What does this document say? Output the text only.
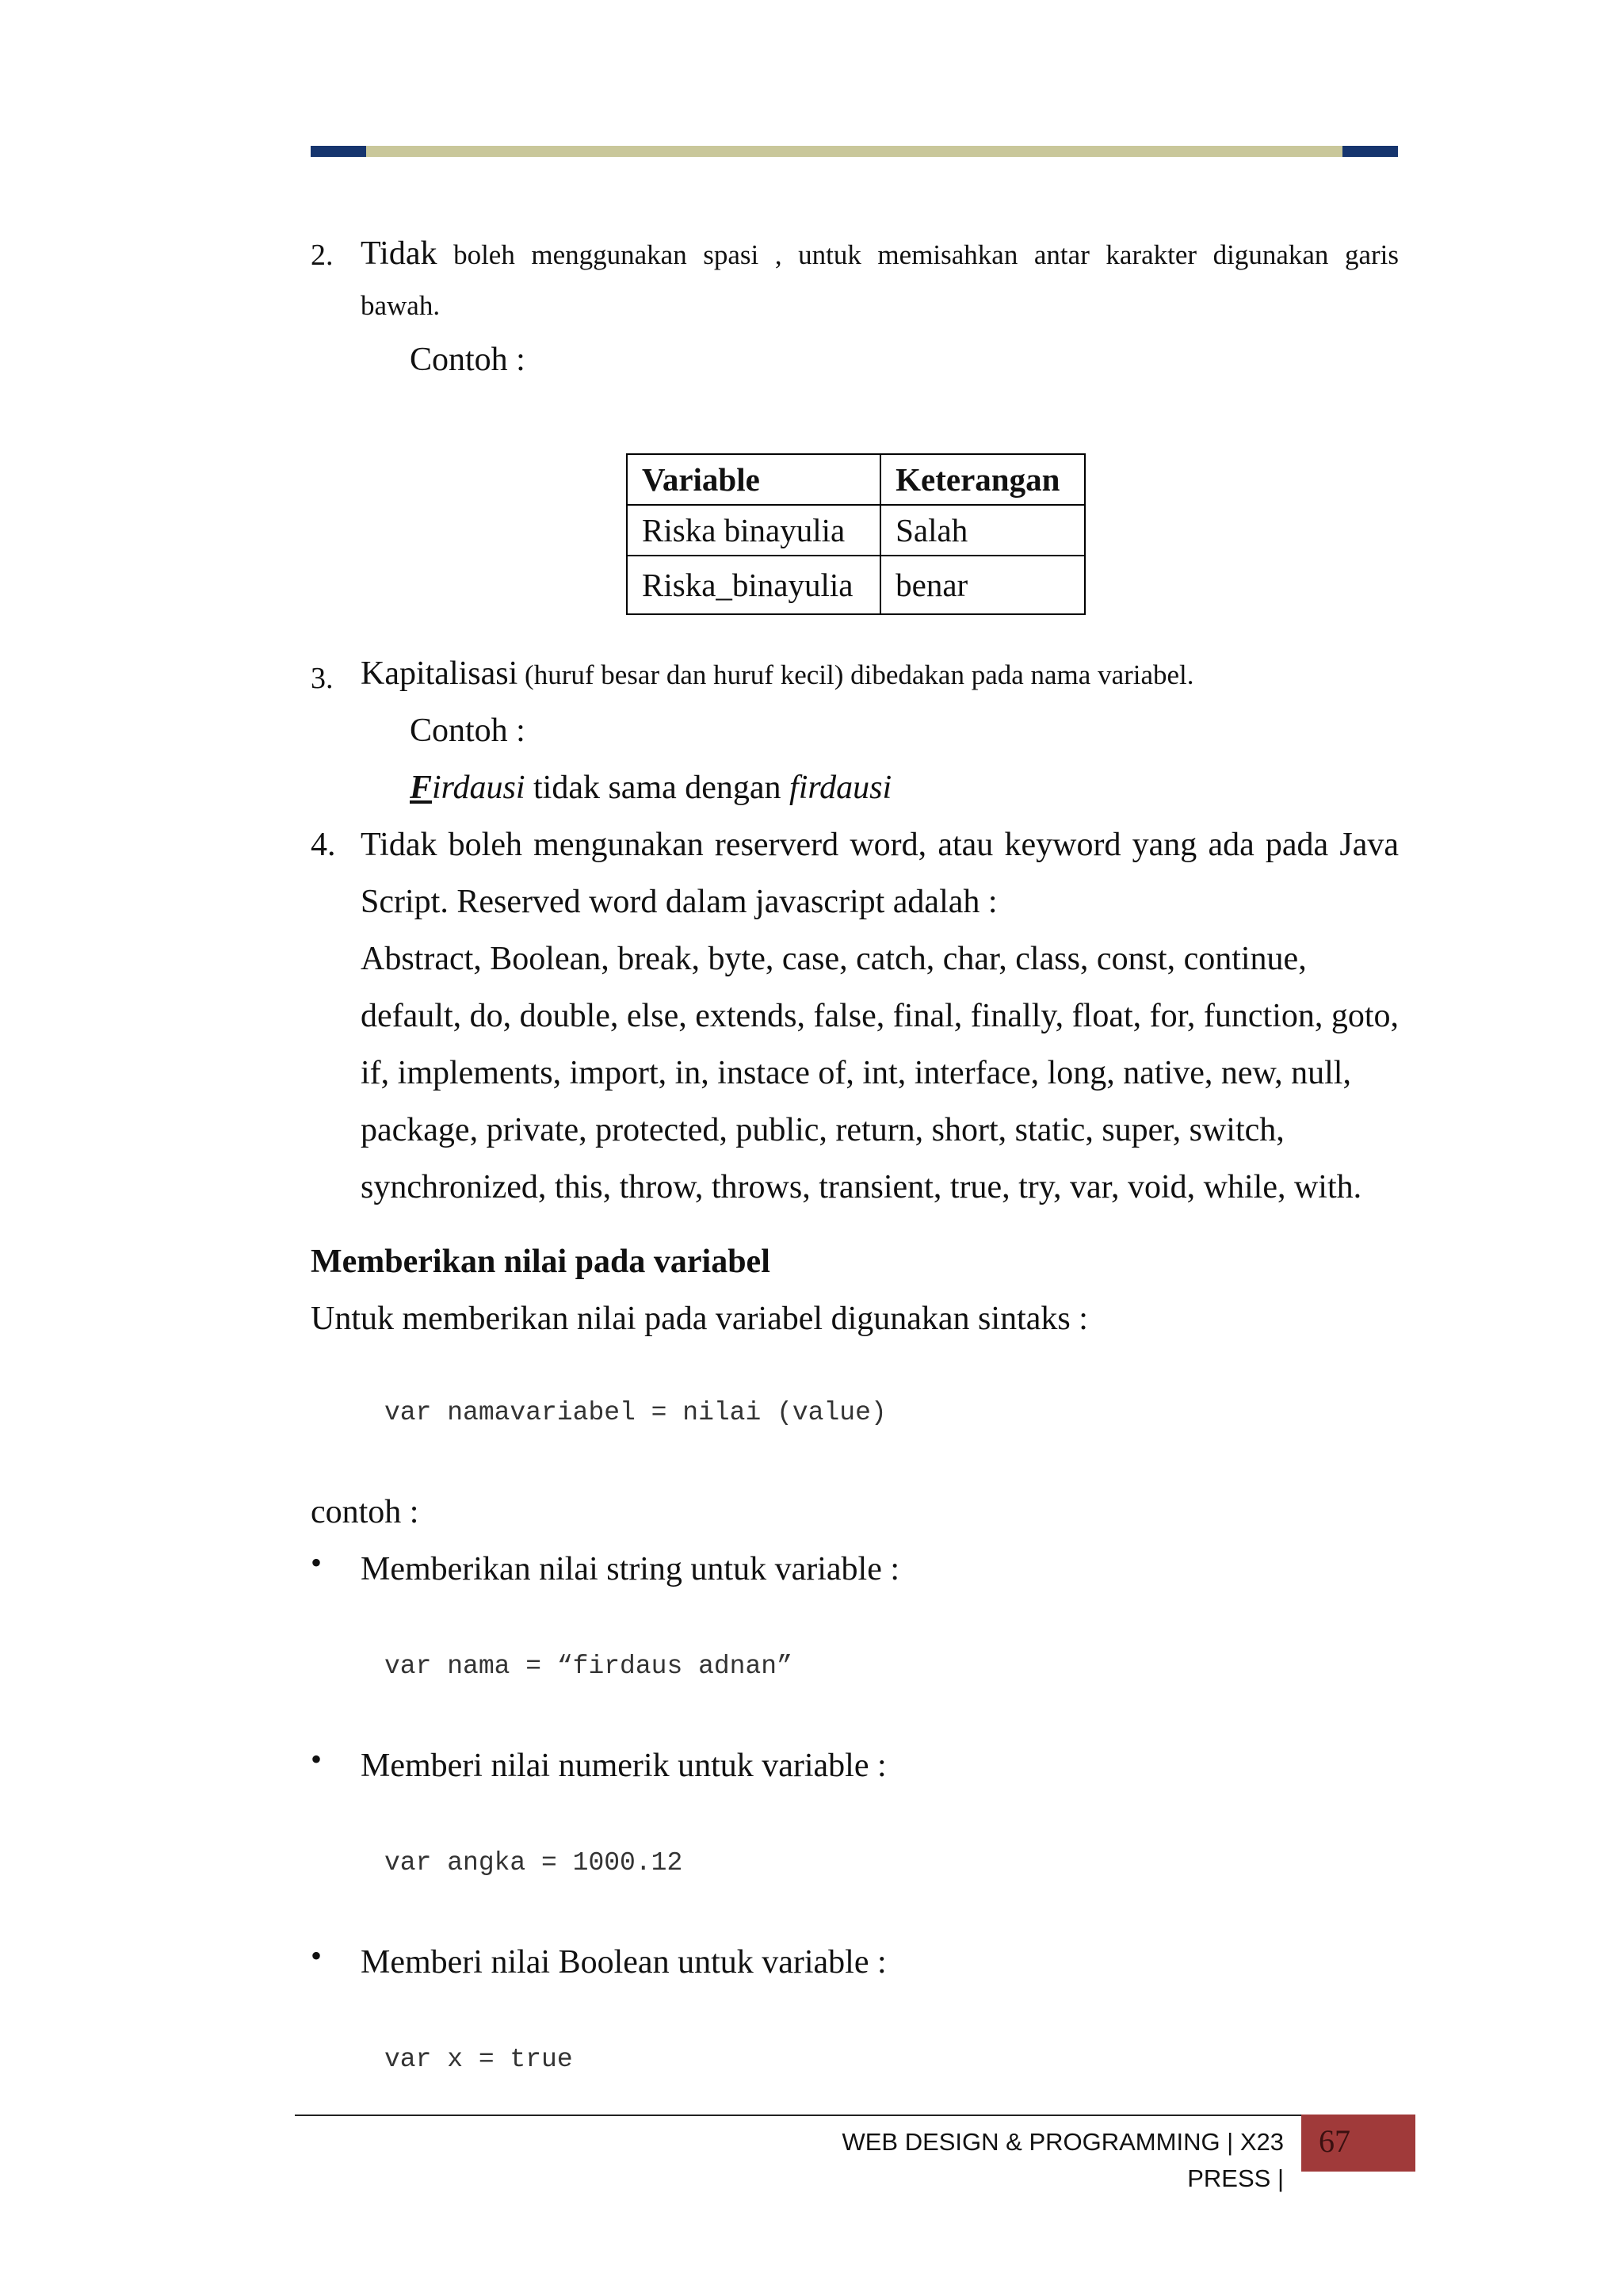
2. Tidak boleh menggunakan spasi , untuk memisahkan antar karakter digunakan garis
bawah.
Contoh :
Variable	Keterangan
Riska binayulia	Salah
Riska_binayulia	benar
3. Kapitalisasi (huruf besar dan huruf kecil) dibedakan pada nama variabel.
Contoh :
Firdausi tidak sama dengan firdausi
4. Tidak boleh mengunakan reserverd word, atau keyword yang ada pada Java
Script. Reserved word dalam javascript adalah :
Abstract, Boolean, break, byte, case, catch, char, class, const, continue,
default, do, double, else, extends, false, final, finally, float, for, function, goto,
if, implements, import, in, instace of, int, interface, long, native, new, null,
package, private, protected, public, return, short, static, super, switch,
synchronized, this, throw, throws, transient, true, try, var, void, while, with.
Memberikan nilai pada variabel
Untuk memberikan nilai pada variabel digunakan sintaks :
var namavariabel = nilai (value)
contoh :
• Memberikan nilai string untuk variable :
var nama = “firdaus adnan”
• Memberi nilai numerik untuk variable :
var angka = 1000.12
• Memberi nilai Boolean untuk variable :
var x = true
WEB DESIGN & PROGRAMMING | X23 PRESS |
67
